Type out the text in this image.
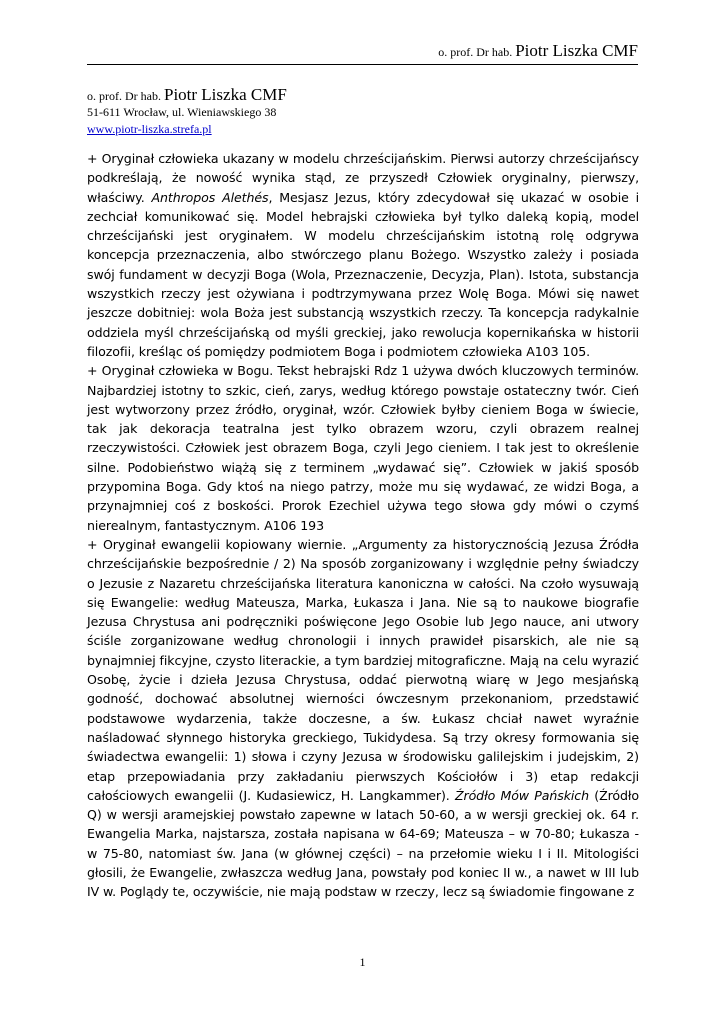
o. prof. Dr hab. Piotr Liszka CMF
o. prof. Dr hab. Piotr Liszka CMF
51-611 Wrocław, ul. Wieniawskiego 38
www.piotr-liszka.strefa.pl

+ Oryginał człowieka ukazany w modelu chrześcijańskim. Pierwsi autorzy chrześcijańscy podkreślają, że nowość wynika stąd, ze przyszedł Człowiek oryginalny, pierwszy, właściwy. Anthropos Alethés, Mesjasz Jezus, który zdecydował się ukazać w osobie i zechciał komunikować się. Model hebrajski człowieka był tylko daleką kopią, model chrześcijański jest oryginałem. W modelu chrześcijańskim istotną rolę odgrywa koncepcja przeznaczenia, albo stwórczego planu Bożego. Wszystko zależy i posiada swój fundament w decyzji Boga (Wola, Przeznaczenie, Decyzja, Plan). Istota, substancja wszystkich rzeczy jest ożywiana i podtrzymywana przez Wolę Boga. Mówi się nawet jeszcze dobitniej: wola Boża jest substancją wszystkich rzeczy. Ta koncepcja radykalnie oddziela myśl chrześcijańską od myśli greckiej, jako rewolucja kopernikańska w historii filozofii, kreśląc oś pomiędzy podmiotem Boga i podmiotem człowieka A103 105.

+ Oryginał człowieka w Bogu. Tekst hebrajski Rdz 1 używa dwóch kluczowych terminów. Najbardziej istotny to szkic, cień, zarys, według którego powstaje ostateczny twór. Cień jest wytworzony przez źródło, oryginał, wzór. Człowiek byłby cieniem Boga w świecie, tak jak dekoracja teatralna jest tylko obrazem wzoru, czyli obrazem realnej rzeczywistości. Człowiek jest obrazem Boga, czyli Jego cieniem. I tak jest to określenie silne. Podobieństwo wiążą się z terminem „wydawać się”. Człowiek w jakiś sposób przypomina Boga. Gdy ktoś na niego patrzy, może mu się wydawać, ze widzi Boga, a przynajmniej coś z boskości. Prorok Ezechiel używa tego słowa gdy mówi o czymś nierealnym, fantastycznym. A106 193

+ Oryginał ewangelii kopiowany wiernie. „Argumenty za historycznością Jezusa Źródła chrześcijańskie bezpośrednie / 2) Na sposób zorganizowany i względnie pełny świadczy o Jezusie z Nazaretu chrześcijańska literatura kanoniczna w całości. Na czoło wysuwają się Ewangelie: według Mateusza, Marka, Łukasza i Jana. Nie są to naukowe biografie Jezusa Chrystusa ani podręczniki poświęcone Jego Osobie lub Jego nauce, ani utwory ściśle zorganizowane według chronologii i innych prawideł pisarskich, ale nie są bynajmniej fikcyjne, czysto literackie, a tym bardziej mitograficzne. Mają na celu wyrazić Osobę, życie i dzieła Jezusa Chrystusa, oddać pierwotną wiarę w Jego mesjańską godność, dochować absolutnej wierności ówczesnym przekonaniom, przedstawić podstawowe wydarzenia, także doczesne, a św. Łukasz chciał nawet wyraźnie naśladować słynnego historyka greckiego, Tukidydesa. Są trzy okresy formowania się świadectwa ewangelii: 1) słowa i czyny Jezusa w środowisku galilejskim i judejskim, 2) etap przepowiadania przy zakładaniu pierwszych Kościołów i 3) etap redakcji całościowych ewangelii (J. Kudasiewicz, H. Langkammer). Źródło Mów Pańskich (Źródło Q) w wersji aramejskiej powstało zapewne w latach 50-60, a w wersji greckiej ok. 64 r. Ewangelia Marka, najstarsza, została napisana w 64-69; Mateusza – w 70-80; Łukasza - w 75-80, natomiast św. Jana (w głównej części) – na przełomie wieku I i II. Mitologiści głosili, że Ewangelie, zwłaszcza według Jana, powstały pod koniec II w., a nawet w III lub IV w. Poglądy te, oczywiście, nie mają podstaw w rzeczy, lecz są świadomie fingowane z

1
